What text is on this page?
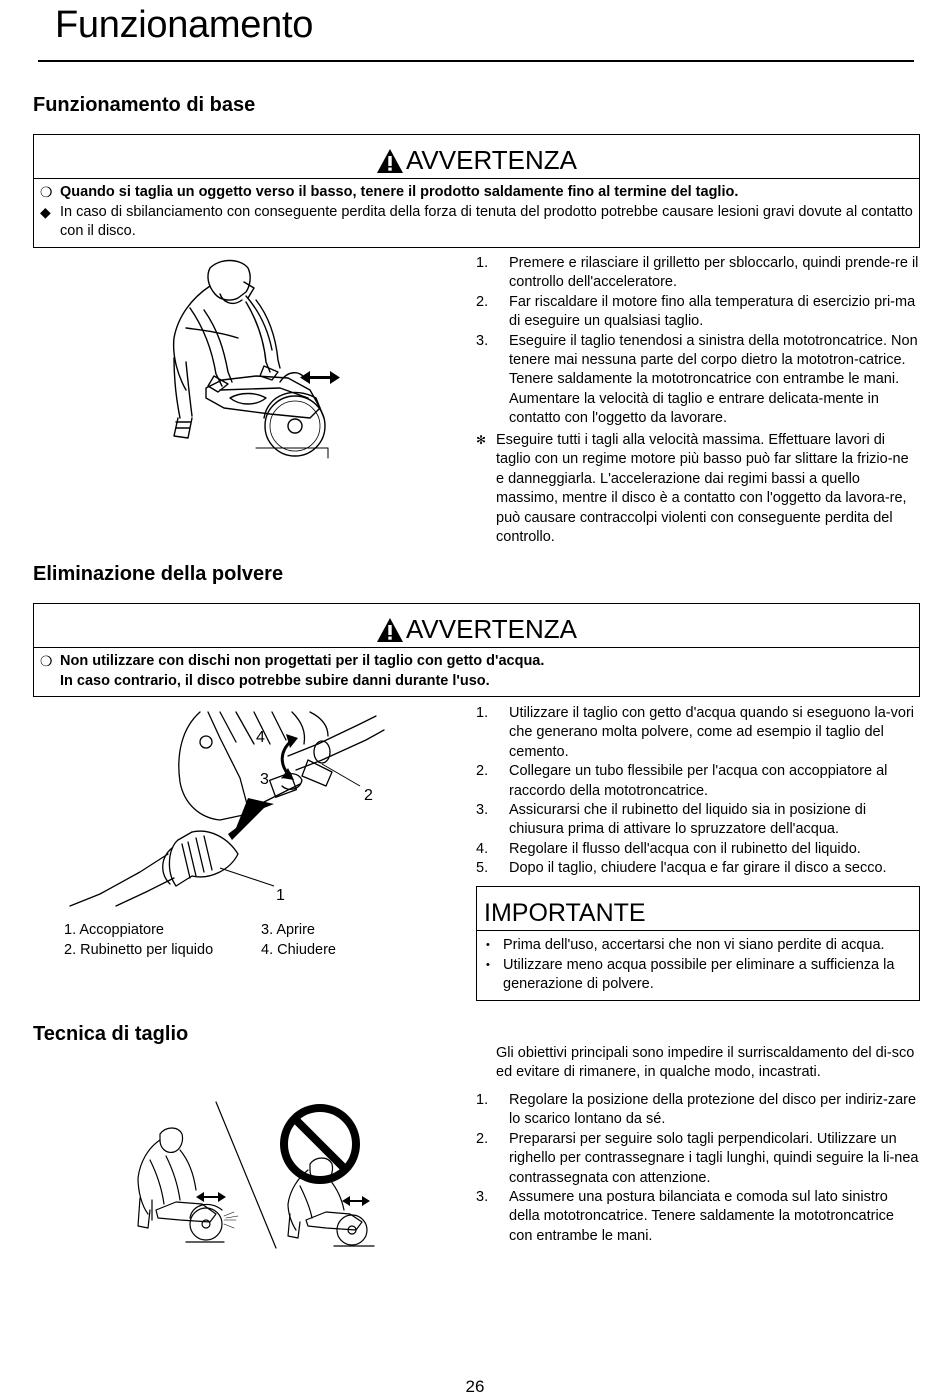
Funzionamento
Funzionamento di base
AVVERTENZA
❍ Quando si taglia un oggetto verso il basso, tenere il prodotto saldamente fino al termine del taglio.
◆ In caso di sbilanciamento con conseguente perdita della forza di tenuta del prodotto potrebbe causare lesioni gravi dovute al contatto con il disco.
1. Premere e rilasciare il grilletto per sbloccarlo, quindi prende-re il controllo dell'acceleratore.
2. Far riscaldare il motore fino alla temperatura di esercizio pri-ma di eseguire un qualsiasi taglio.
3. Eseguire il taglio tenendosi a sinistra della mototroncatrice. Non tenere mai nessuna parte del corpo dietro la mototron-catrice. Tenere saldamente la mototroncatrice con entrambe le mani. Aumentare la velocità di taglio e entrare delicata-mente in contatto con l'oggetto da lavorare.
✻ Eseguire tutti i tagli alla velocità massima. Effettuare lavori di taglio con un regime motore più basso può far slittare la frizio-ne e danneggiarla. L'accelerazione dai regimi bassi a quello massimo, mentre il disco è a contatto con l'oggetto da lavora-re, può causare contraccolpi violenti con conseguente perdita del controllo.
Eliminazione della polvere
AVVERTENZA
❍ Non utilizzare con dischi non progettati per il taglio con getto d'acqua.
In caso contrario, il disco potrebbe subire danni durante l'uso.
4
3
2
1
1. Accoppiatore
2. Rubinetto per liquido
3. Aprire
4. Chiudere
1. Utilizzare il taglio con getto d'acqua quando si eseguono la-vori che generano molta polvere, come ad esempio il taglio del cemento.
2. Collegare un tubo flessibile per l'acqua con accoppiatore al raccordo della mototroncatrice.
3. Assicurarsi che il rubinetto del liquido sia in posizione di chiusura prima di attivare lo spruzzatore dell'acqua.
4. Regolare il flusso dell'acqua con il rubinetto del liquido.
5. Dopo il taglio, chiudere l'acqua e far girare il disco a secco.
IMPORTANTE
• Prima dell'uso, accertarsi che non vi siano perdite di acqua.
• Utilizzare meno acqua possibile per eliminare a sufficienza la generazione di polvere.
Tecnica di taglio
Gli obiettivi principali sono impedire il surriscaldamento del di-sco ed evitare di rimanere, in qualche modo, incastrati.
1. Regolare la posizione della protezione del disco per indiriz-zare lo scarico lontano da sé.
2. Prepararsi per seguire solo tagli perpendicolari. Utilizzare un righello per contrassegnare i tagli lunghi, quindi seguire la li-nea contrassegnata con attenzione.
3. Assumere una postura bilanciata e comoda sul lato sinistro della mototroncatrice. Tenere saldamente la mototroncatrice con entrambe le mani.
26
